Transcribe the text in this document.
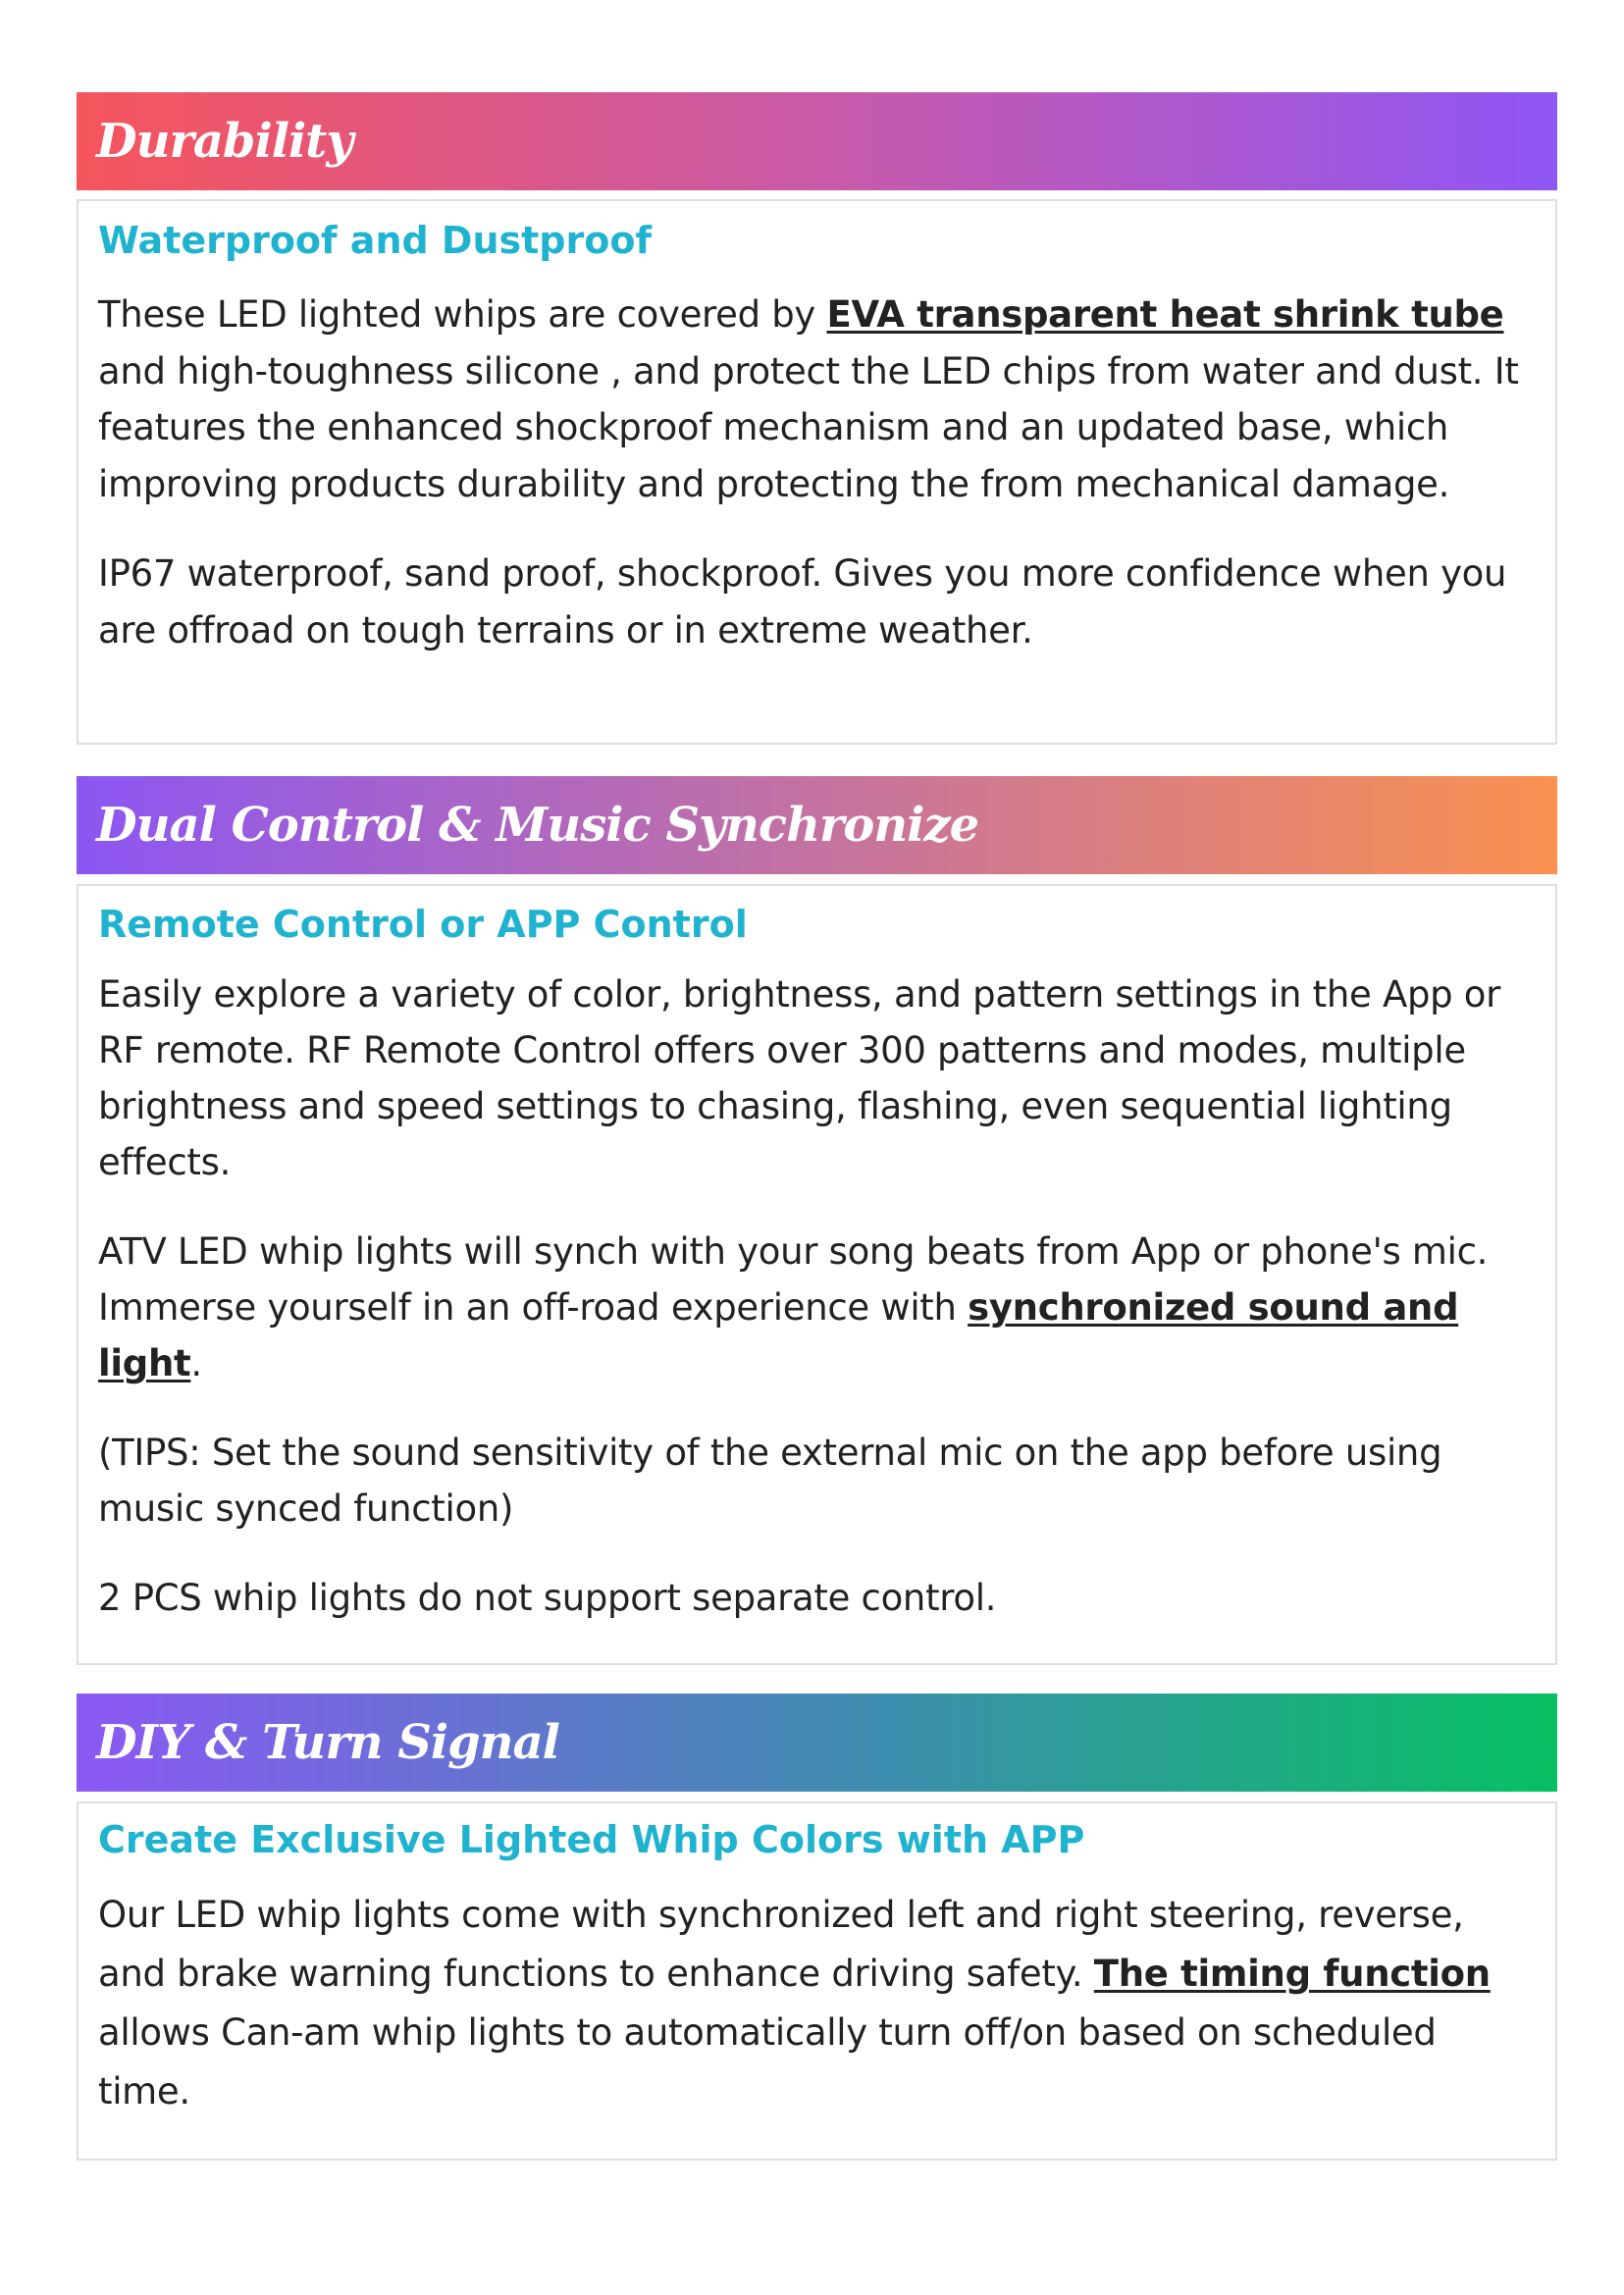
Durability
Waterproof and Dustproof

These LED lighted whips are covered by EVA transparent heat shrink tube and high-toughness silicone , and protect the LED chips from water and dust. It features the enhanced shockproof mechanism and an updated base, which improving products durability and protecting the from mechanical damage.

IP67 waterproof, sand proof, shockproof. Gives you more confidence when you are offroad on tough terrains or in extreme weather.

Dual Control & Music Synchronize
Remote Control or APP Control

Easily explore a variety of color, brightness, and pattern settings in the App or RF remote. RF Remote Control offers over 300 patterns and modes, multiple brightness and speed settings to chasing, flashing, even sequential lighting effects.

ATV LED whip lights will synch with your song beats from App or phone's mic. Immerse yourself in an off-road experience with synchronized sound and light.

(TIPS: Set the sound sensitivity of the external mic on the app before using music synced function)

2 PCS whip lights do not support separate control.

DIY & Turn Signal
Create Exclusive Lighted Whip Colors with APP

Our LED whip lights come with synchronized left and right steering, reverse, and brake warning functions to enhance driving safety. The timing function allows Can-am whip lights to automatically turn off/on based on scheduled time.
